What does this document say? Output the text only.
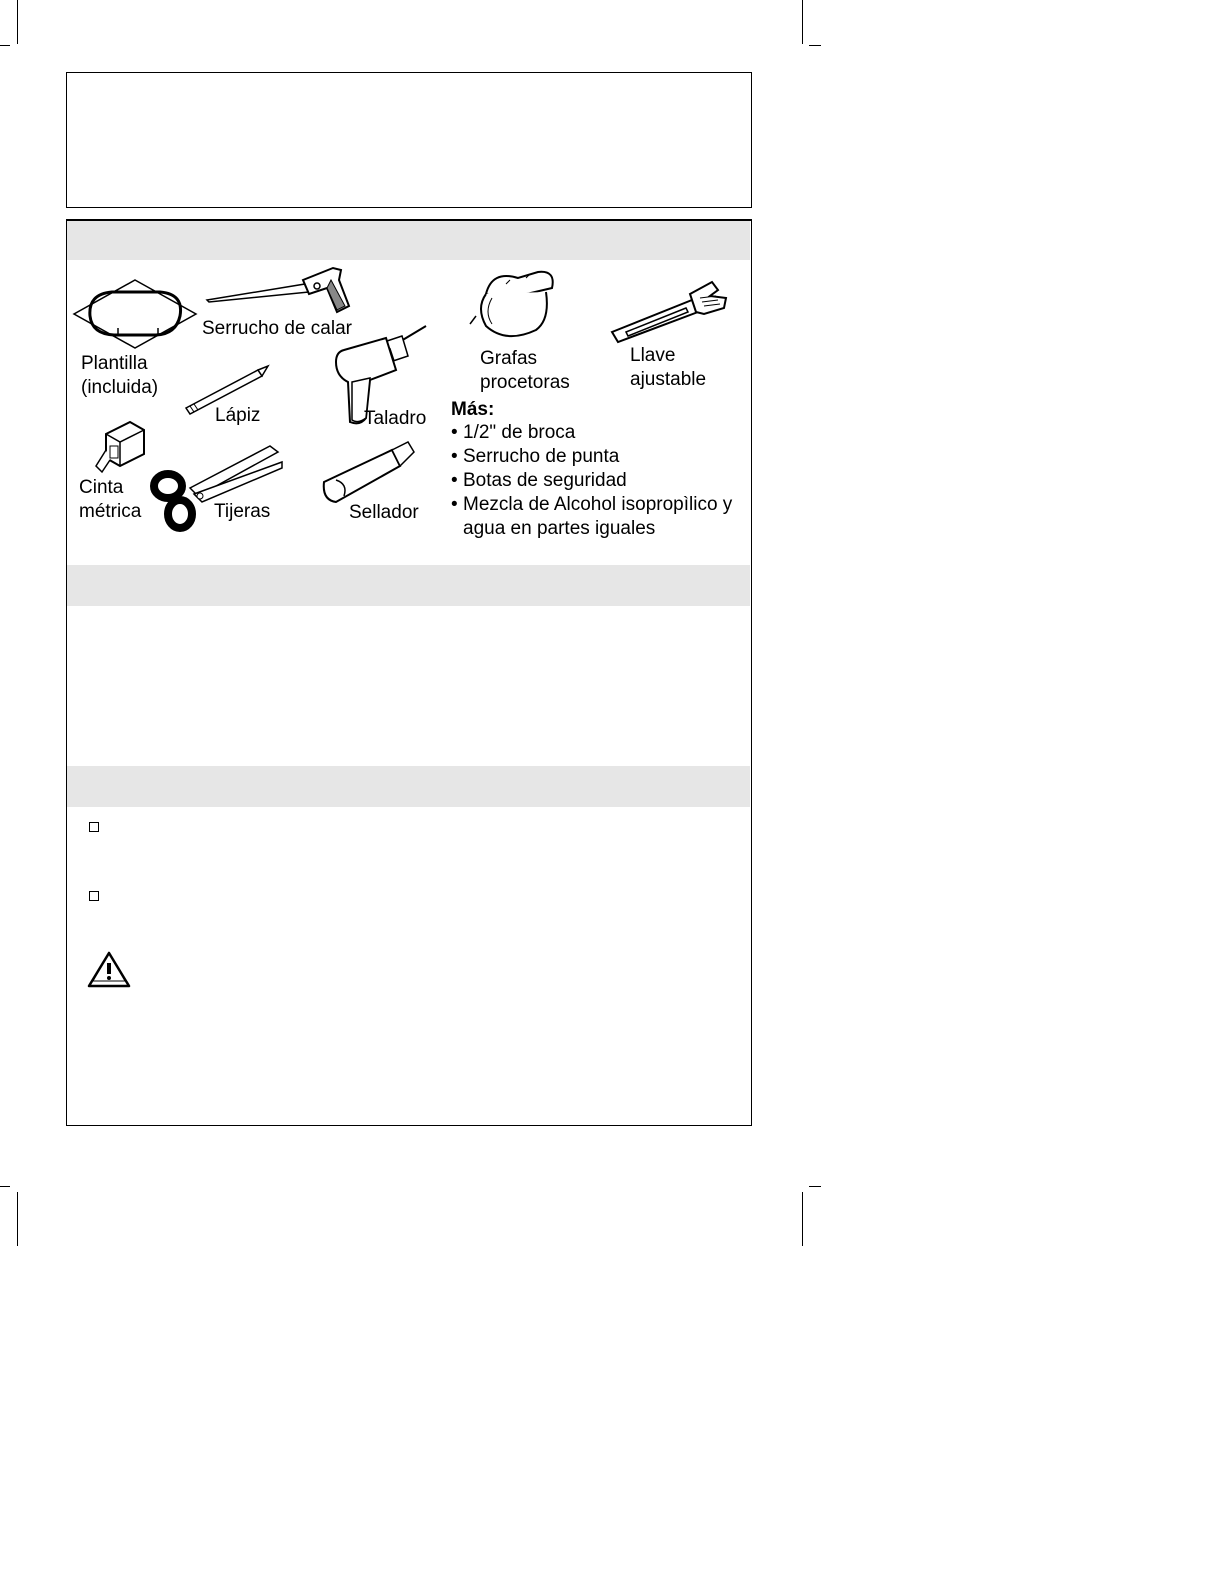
Serrucho de calar
Plantilla
(incluida)
Lápiz	Taladro
Cinta
métrica	Tijeras	Sellador
Grafas
procetoras
Llave
ajustable
Más:
• 1/2" de broca
• Serrucho de punta
• Botas de seguridad
• Mezcla de Alcohol isopropìlico y agua en partes iguales
